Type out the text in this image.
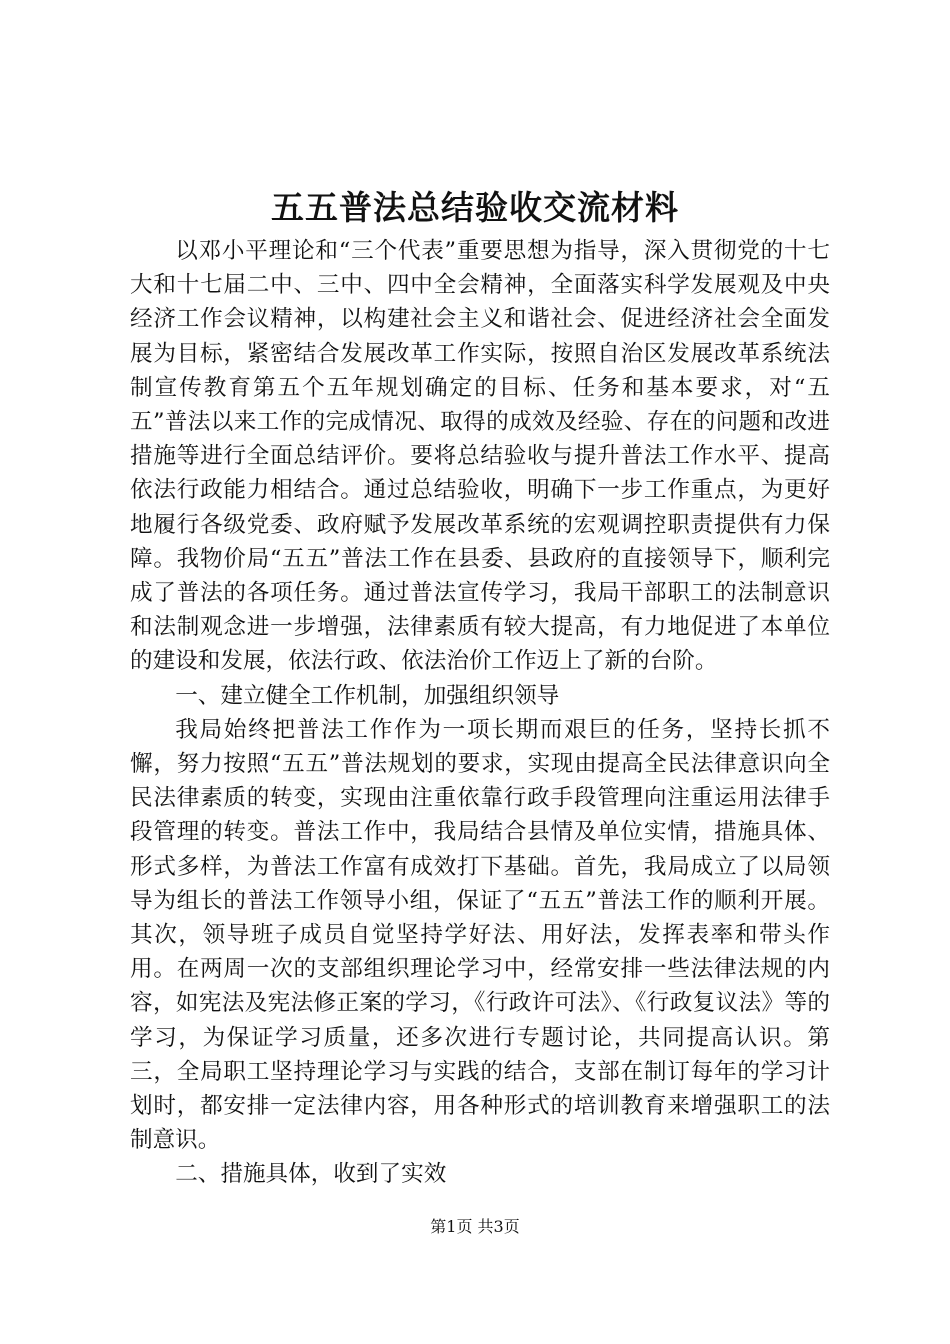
五五普法总结验收交流材料

以邓小平理论和“三个代表”重要思想为指导，深入贯彻党的十七大和十七届二中、三中、四中全会精神，全面落实科学发展观及中央经济工作会议精神，以构建社会主义和谐社会、促进经济社会全面发展为目标，紧密结合发展改革工作实际，按照自治区发展改革系统法制宣传教育第五个五年规划确定的目标、任务和基本要求，对“五五”普法以来工作的完成情况、取得的成效及经验、存在的问题和改进措施等进行全面总结评价。要将总结验收与提升普法工作水平、提高依法行政能力相结合。通过总结验收，明确下一步工作重点，为更好地履行各级党委、政府赋予发展改革系统的宏观调控职责提供有力保障。我物价局“五五”普法工作在县委、县政府的直接领导下，顺利完成了普法的各项任务。通过普法宣传学习，我局干部职工的法制意识和法制观念进一步增强，法律素质有较大提高，有力地促进了本单位的建设和发展，依法行政、依法治价工作迈上了新的台阶。

一、建立健全工作机制，加强组织领导

我局始终把普法工作作为一项长期而艰巨的任务，坚持长抓不懈，努力按照“五五”普法规划的要求，实现由提高全民法律意识向全民法律素质的转变，实现由注重依靠行政手段管理向注重运用法律手段管理的转变。普法工作中，我局结合县情及单位实情，措施具体、形式多样，为普法工作富有成效打下基础。首先，我局成立了以局领导为组长的普法工作领导小组，保证了“五五”普法工作的顺利开展。其次，领导班子成员自觉坚持学好法、用好法，发挥表率和带头作用。在两周一次的支部组织理论学习中，经常安排一些法律法规的内容，如宪法及宪法修正案的学习，《行政许可法》、《行政复议法》等的学习，为保证学习质量，还多次进行专题讨论，共同提高认识。第三，全局职工坚持理论学习与实践的结合，支部在制订每年的学习计划时，都安排一定法律内容，用各种形式的培训教育来增强职工的法制意识。

二、措施具体，收到了实效

第1页 共3页
